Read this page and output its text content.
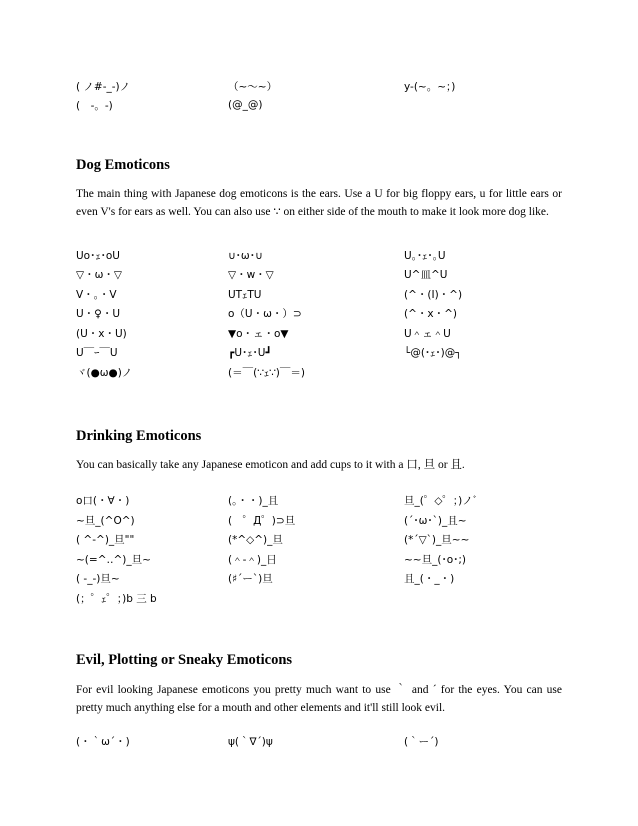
( ノ#-_-)ノ	（~〜~）	y-(~。~；)
(　-。-)	(@_@)
Dog Emoticons

The main thing with Japanese dog emoticons is the ears. Use a U for big floppy ears, u for little ears or even V's for ears as well. You can also use ∵ on either side of the mouth to make it look more dog like.

Uo･ｪ･oU	∪･ω･∪	U｡･ｪ･｡U
▽・ω・▽	▽・w・▽	U^皿^U
V・。・V	UTｪTU	(^・(I)・^)
U・♀・U	o（U・ω・）⊃	(^・x・^)
(U・x・U)	▼o・ェ・o▼	U＾ェ＾U
U￣ｰ￣U	┏U･ｪ･U┛	└@(･ｪ･)@┐
ヾ(●ω●)ノ	(＝￣(∵ｪ∵)￣＝)
Drinking Emoticons

You can basically take any Japanese emoticon and add cups to it with a 口, 旦 or 且.

o口(・∀・)	(。・・)_且	旦_(゜◇゜；)ノﾞ
~旦_(^O^)	(　゜Д゜)⊃旦	(´･ω･`)_且~
( ^-^)_旦""	(*^◇^)_旦	(*´▽`)_旦~~
~(=^‥^)_旦~	(＾-＾)_日	~~旦_(･o･;)
( -_-)旦~	(♯´ー`)旦	且_(・_・)
(；゜ｪ゜；)b 三 b
Evil, Plotting or Sneaky Emoticons

For evil looking Japanese emoticons you pretty much want to use ｀ and ´ for the eyes. You can use pretty much anything else for a mouth and other elements and it'll still look evil.

(・｀ω´・)	ψ(｀∇´)ψ	(｀ー´)
